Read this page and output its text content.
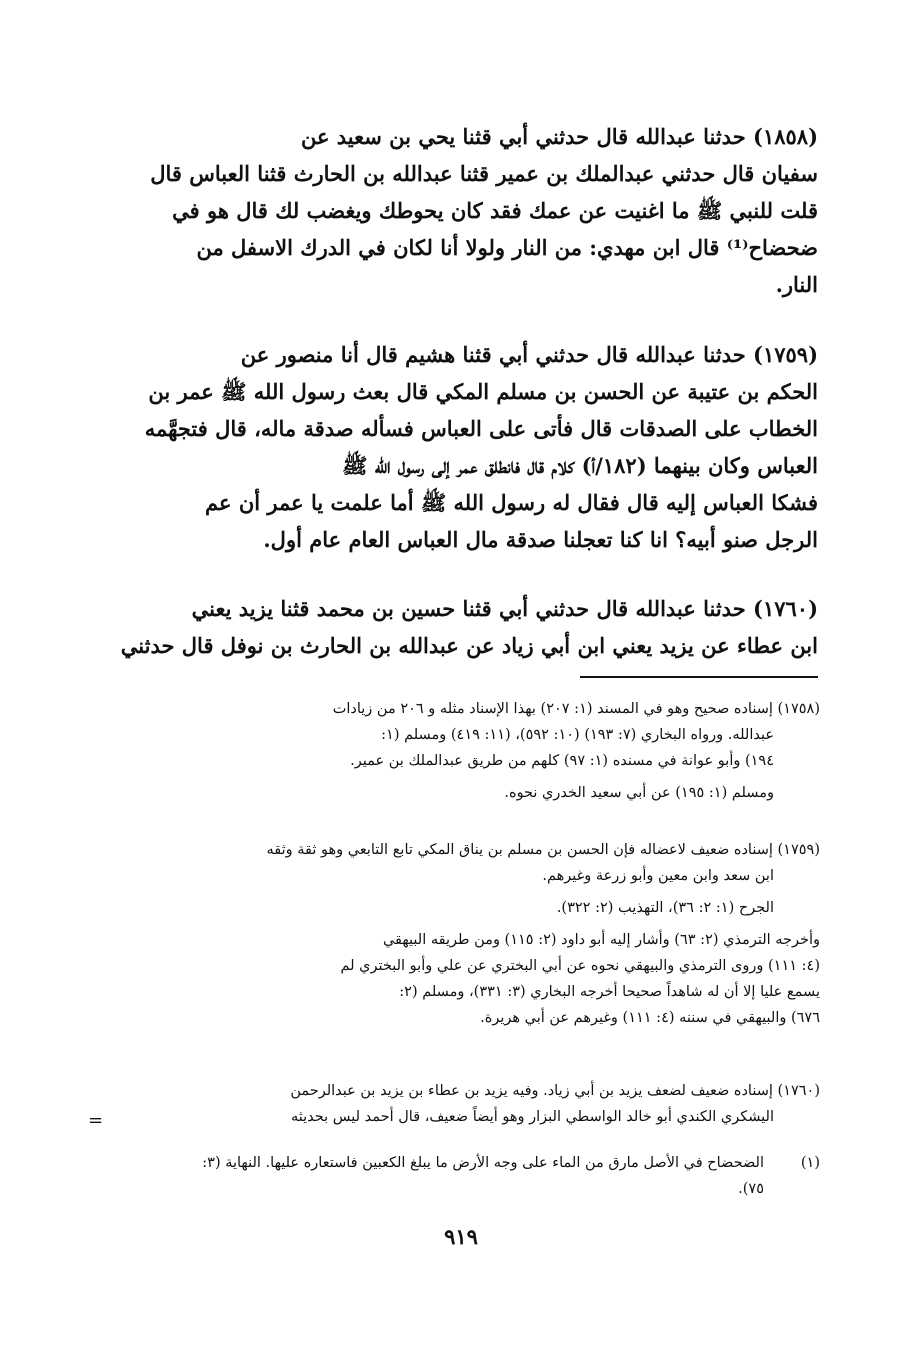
(١٨٥٨) حدثنا عبدالله قال حدثني أبي قثنا يحي بن سعيد عن
سفيان قال حدثني عبدالملك بن عمير قثنا عبدالله بن الحارث قثنا العباس قال
قلت للنبي ﷺ ما اغنيت عن عمك فقد كان يحوطك ويغضب لك قال هو في
ضحضاح⁽¹⁾ قال ابن مهدي: من النار ولولا أنا لكان في الدرك الاسفل من
النار.
(١٧٥٩) حدثنا عبدالله قال حدثني أبي قثنا هشيم قال أنا منصور عن
الحكم بن عتيبة عن الحسن بن مسلم المكي قال بعث رسول الله ﷺ عمر بن
الخطاب على الصدقات قال فأتى على العباس فسأله صدقة ماله، قال فتجهَّمه
العباس وكان بينهما (١٨٢/أ) كلام قال فانطلق عمر إلى رسول الله ﷺ
فشكا العباس إليه قال فقال له رسول الله ﷺ أما علمت يا عمر أن عم
الرجل صنو أبيه؟ انا كنا تعجلنا صدقة مال العباس العام عام أول.
(١٧٦٠) حدثنا عبدالله قال حدثني أبي قثنا حسين بن محمد قثنا يزيد يعني
ابن عطاء عن يزيد يعني ابن أبي زياد عن عبدالله بن الحارث بن نوفل قال حدثني
(١٧٥٨) إسناده صحيح وهو في المسند (١: ٢٠٧) بهذا الإسناد مثله و ٢٠٦ من زيادات
عبدالله. ورواه البخاري (٧: ١٩٣) (١٠: ٥٩٢)، (١١: ٤١٩) ومسلم (١:
١٩٤) وأبو عوانة في مسنده (١: ٩٧) كلهم من طريق عبدالملك بن عمير.
ومسلم (١: ١٩٥) عن أبي سعيد الخدري نحوه.
(١٧٥٩) إسناده ضعيف لاعضاله فإن الحسن بن مسلم بن يناق المكي تابع التابعي وهو ثقة وثقه
ابن سعد وابن معين وأبو زرعة وغيرهم.
الجرح (١: ٢: ٣٦)، التهذيب (٢: ٣٢٢).
وأخرجه الترمذي (٢: ٦٣) وأشار إليه أبو داود (٢: ١١٥) ومن طريقه البيهقي
(٤: ١١١) وروى الترمذي والبيهقي نحوه عن أبي البختري عن علي وأبو البختري لم
يسمع عليا إلا أن له شاهداً صحيحا أخرجه البخاري (٣: ٣٣١)، ومسلم (٢:
٦٧٦) والبيهقي في سننه (٤: ١١١) وغيرهم عن أبي هريرة.
(١٧٦٠) إسناده ضعيف لضعف يزيد بن أبي زياد. وفيه يزيد بن عطاء بن يزيد بن عبدالرحمن
اليشكري الكندي أبو خالد الواسطي البزار وهو أيضاً ضعيف، قال أحمد ليس بحديثه
=
(١)الضحضاح في الأصل مارق من الماء على وجه الأرض ما يبلغ الكعبين فاستعاره عليها. النهاية (٣:
٧٥).
٩١٩
